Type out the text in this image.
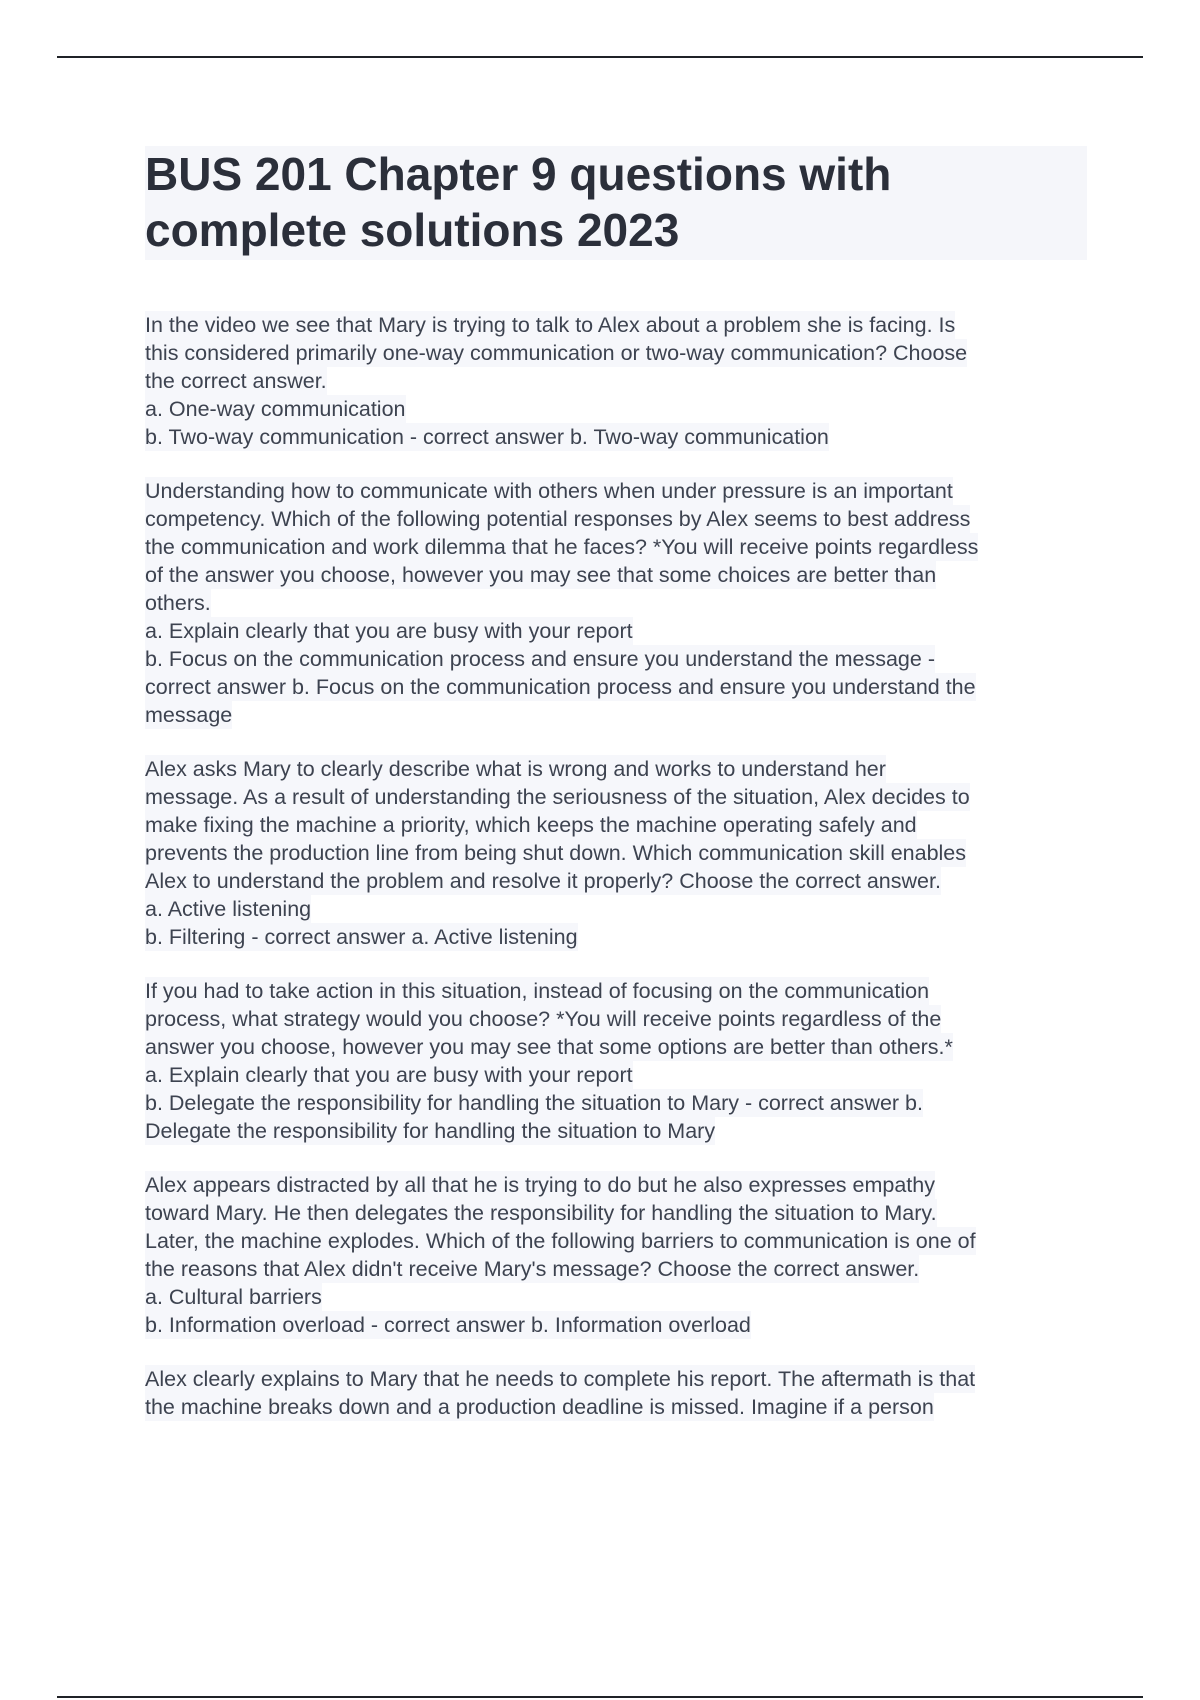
BUS 201 Chapter 9 questions with
complete solutions 2023
In the video we see that Mary is trying to talk to Alex about a problem she is facing. Is
this considered primarily one-way communication or two-way communication? Choose
the correct answer.
a. One-way communication
b. Two-way communication - correct answer b. Two-way communication
Understanding how to communicate with others when under pressure is an important
competency. Which of the following potential responses by Alex seems to best address
the communication and work dilemma that he faces? *You will receive points regardless
of the answer you choose, however you may see that some choices are better than
others.
a. Explain clearly that you are busy with your report
b. Focus on the communication process and ensure you understand the message -
correct answer b. Focus on the communication process and ensure you understand the
message
Alex asks Mary to clearly describe what is wrong and works to understand her
message. As a result of understanding the seriousness of the situation, Alex decides to
make fixing the machine a priority, which keeps the machine operating safely and
prevents the production line from being shut down. Which communication skill enables
Alex to understand the problem and resolve it properly? Choose the correct answer.
a. Active listening
b. Filtering - correct answer a. Active listening
If you had to take action in this situation, instead of focusing on the communication
process, what strategy would you choose? *You will receive points regardless of the
answer you choose, however you may see that some options are better than others.*
a. Explain clearly that you are busy with your report
b. Delegate the responsibility for handling the situation to Mary - correct answer b.
Delegate the responsibility for handling the situation to Mary
Alex appears distracted by all that he is trying to do but he also expresses empathy
toward Mary. He then delegates the responsibility for handling the situation to Mary.
Later, the machine explodes. Which of the following barriers to communication is one of
the reasons that Alex didn't receive Mary's message? Choose the correct answer.
a. Cultural barriers
b. Information overload - correct answer b. Information overload
Alex clearly explains to Mary that he needs to complete his report. The aftermath is that
the machine breaks down and a production deadline is missed. Imagine if a person
